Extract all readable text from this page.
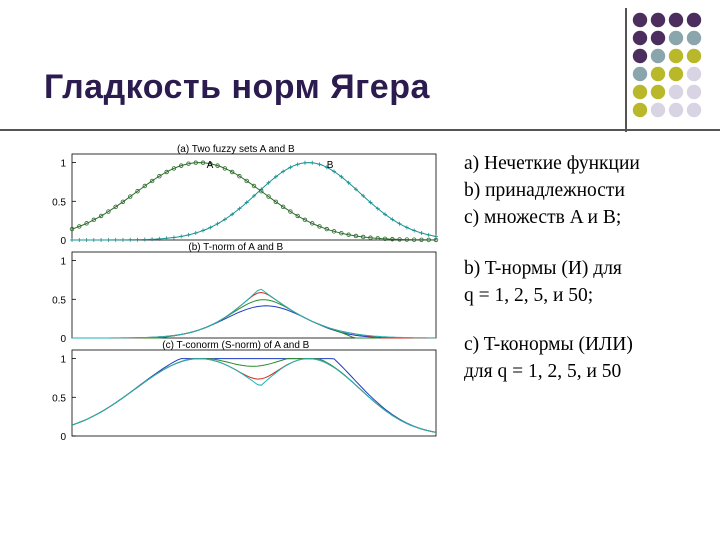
Гладкость норм Ягера
(a) Two fuzzy sets A and B
1
0.5
0
A	B
(b) T-norm of A and B
1
0.5
0
(c) T-conorm (S-norm) of A and B
1
0.5
0
a) Нечеткие функции
b) принадлежности
c) множеств A и B;
b) T-нормы (И) для
q = 1, 2, 5, и 50;
c) T-конормы (ИЛИ)
для q = 1, 2, 5, и 50
